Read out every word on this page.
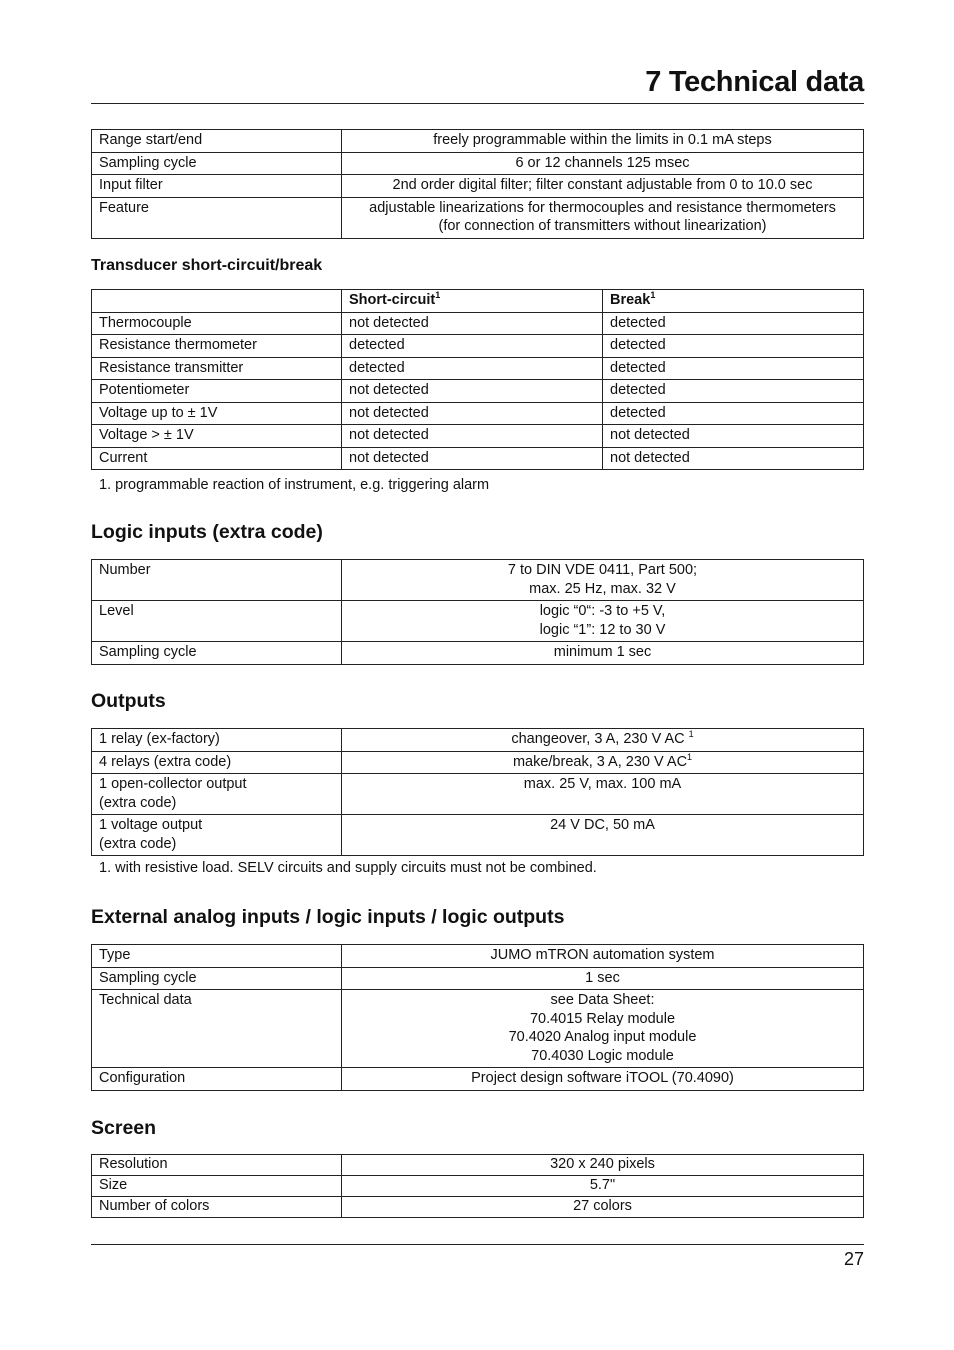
7 Technical data
Range start/end	freely programmable within the limits in 0.1 mA steps
Sampling cycle	6 or 12 channels 125 msec
Input filter	2nd order digital filter; filter constant adjustable from 0 to 10.0 sec
Feature	adjustable linearizations for thermocouples and resistance thermometers
(for connection of transmitters without linearization)
Transducer short-circuit/break
	Short-circuit$^1$	Break$^1$
Thermocouple	not detected	detected
Resistance thermometer	detected	detected
Resistance transmitter	detected	detected
Potentiometer	not detected	detected
Voltage up to ± 1V	not detected	detected
Voltage > ± 1V	not detected	not detected
Current	not detected	not detected
1. programmable reaction of instrument, e.g. triggering alarm
Logic inputs (extra code)
Number	7 to DIN VDE 0411, Part 500;
max. 25 Hz, max. 32 V
Level	logic “0“: -3 to +5 V,
logic “1”: 12 to 30 V
Sampling cycle	minimum 1 sec
Outputs
1 relay (ex-factory)	changeover, 3 A, 230 V AC $^1$
4 relays (extra code)	make/break, 3 A, 230 V $AC^1$
1 open-collector output
(extra code)	max. 25 V, max. 100 mA
1 voltage output
(extra code)	24 V DC, 50 mA
1. with resistive load. SELV circuits and supply circuits must not be combined.
External analog inputs / logic inputs / logic outputs
Type	JUMO mTRON automation system
Sampling cycle	1 sec
Technical data	see Data Sheet:
70.4015 Relay module
70.4020 Analog input module
70.4030 Logic module
Configuration	Project design software iTOOL (70.4090)
Screen
Resolution	320 x 240 pixels
Size	5.7"
Number of colors	27 colors
27
